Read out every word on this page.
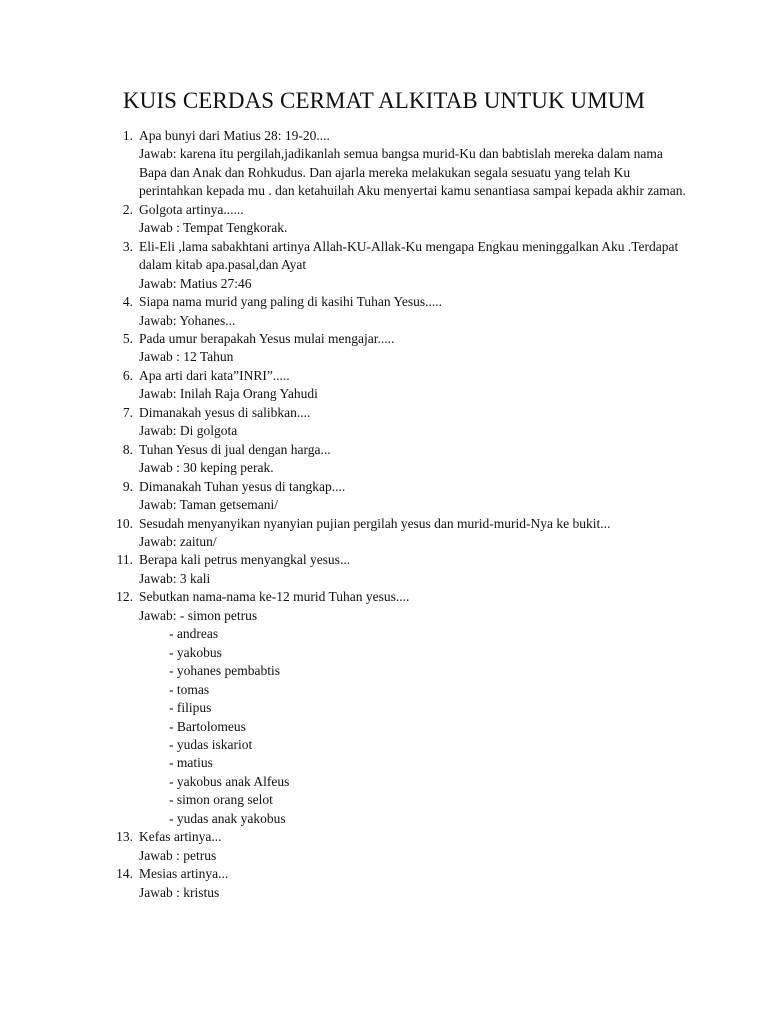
KUIS CERDAS CERMAT ALKITAB UNTUK UMUM
1. Apa bunyi dari Matius 28: 19-20....
Jawab: karena itu pergilah,jadikanlah semua bangsa murid-Ku dan babtislah mereka dalam nama Bapa dan Anak dan Rohkudus. Dan ajarla mereka melakukan segala sesuatu yang telah Ku perintahkan kepada mu . dan ketahuilah Aku menyertai kamu senantiasa sampai kepada akhir zaman.
2. Golgota artinya......
Jawab : Tempat Tengkorak.
3. Eli-Eli ,lama sabakhtani artinya Allah-KU-Allak-Ku mengapa Engkau meninggalkan Aku .Terdapat dalam kitab apa.pasal,dan Ayat
Jawab: Matius 27:46
4. Siapa nama murid yang paling di kasihi Tuhan Yesus.....
Jawab: Yohanes...
5. Pada umur berapakah Yesus mulai mengajar.....
Jawab : 12 Tahun
6. Apa arti dari kata”INRI”.....
Jawab: Inilah Raja Orang Yahudi
7. Dimanakah yesus di salibkan....
Jawab: Di golgota
8. Tuhan Yesus di jual dengan harga...
Jawab : 30 keping perak.
9. Dimanakah Tuhan yesus di tangkap....
Jawab: Taman getsemani/
10. Sesudah menyanyikan nyanyian pujian pergilah yesus dan murid-murid-Nya ke bukit...
Jawab: zaitun/
11. Berapa kali petrus menyangkal yesus...
Jawab: 3 kali
12. Sebutkan nama-nama ke-12 murid Tuhan yesus....
Jawab: - simon petrus
- andreas
- yakobus
- yohanes pembabtis
- tomas
- filipus
- Bartolomeus
- yudas iskariot
- matius
- yakobus anak Alfeus
- simon orang selot
- yudas anak yakobus
13. Kefas artinya...
Jawab : petrus
14. Mesias artinya...
Jawab : kristus
